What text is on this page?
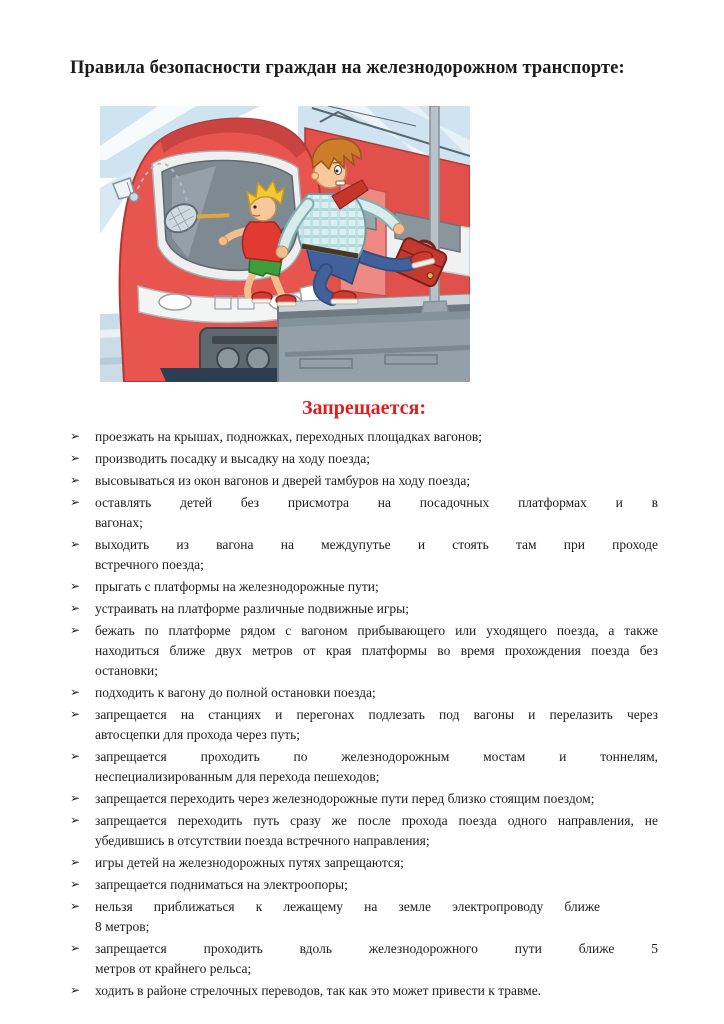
Правила безопасности граждан на железнодорожном транспорте:
Запрещается:
➢	проезжать на крышах, подножках, переходных площадках вагонов;
➢	производить посадку и высадку на ходу поезда;
➢	высовываться из окон вагонов и дверей тамбуров на ходу поезда;
➢	оставлять детей без присмотра на посадочных платформах и в
вагонах;
➢	выходить из вагона на междупутье и стоять там при проходе
встречного поезда;
➢	прыгать с платформы на железнодорожные пути;
➢	устраивать на платформе различные подвижные игры;
➢	бежать по платформе рядом с вагоном прибывающего или уходящего поезда, а также
находиться ближе двух метров от края платформы во время прохождения поезда без
остановки;
➢	подходить к вагону до полной остановки поезда;
➢	запрещается на станциях и перегонах подлезать под вагоны и перелазить через
автосцепки для прохода через путь;
➢	запрещается проходить по железнодорожным мостам и тоннелям,
неспециализированным для перехода пешеходов;
➢	запрещается переходить через железнодорожные пути перед близко стоящим поездом;
➢	запрещается переходить путь сразу же после прохода поезда одного направления, не
убедившись в отсутствии поезда встречного направления;
➢	игры детей на железнодорожных путях запрещаются;
➢	запрещается подниматься на электроопоры;
➢	нельзя приближаться к лежащему на земле электропроводу ближе
8 метров;
➢	запрещается проходить вдоль железнодорожного пути ближе 5
метров от крайнего рельса;
➢	ходить в районе стрелочных переводов, так как это может привести к травме.
